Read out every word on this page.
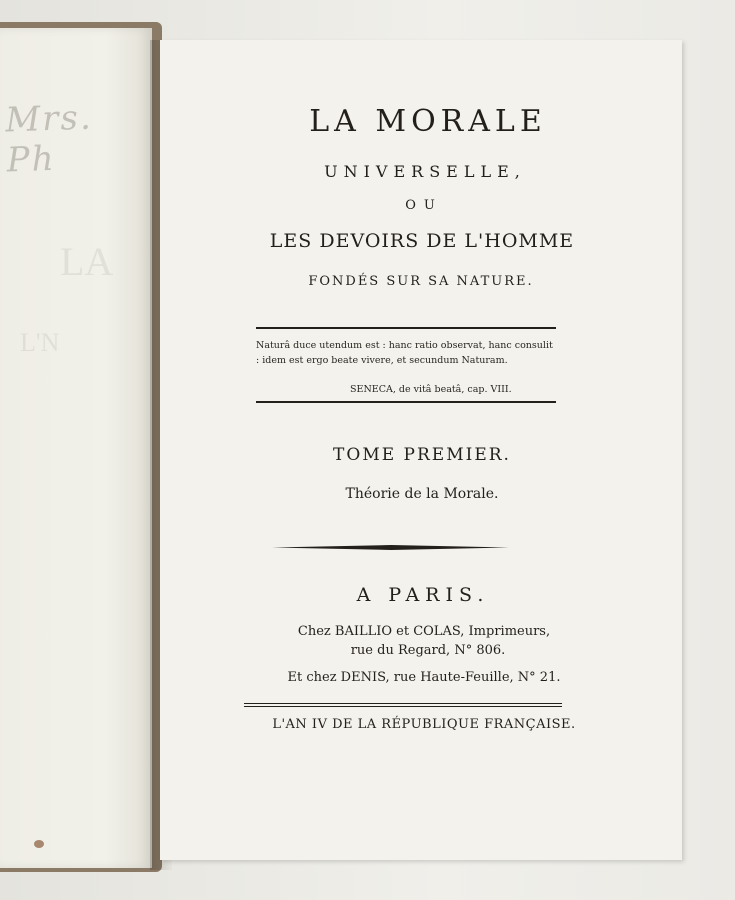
Mrs. Ph
LA
L'N
LA MORALE
UNIVERSELLE,
OU
LES DEVOIRS DE L'HOMME
FONDÉS SUR SA NATURE.
Naturâ duce utendum est : hanc ratio observat, hanc consulit : idem est ergo beate vivere, et secundum Naturam.
SENECA, de vitâ beatâ, cap. VIII.
TOME PREMIER.
Théorie de la Morale.
A PARIS.
Chez BAILLIO et COLAS, Imprimeurs,
rue du Regard, N° 806.
Et chez DENIS, rue Haute-Feuille, N° 21.
L'AN IV DE LA RÉPUBLIQUE FRANÇAISE.
